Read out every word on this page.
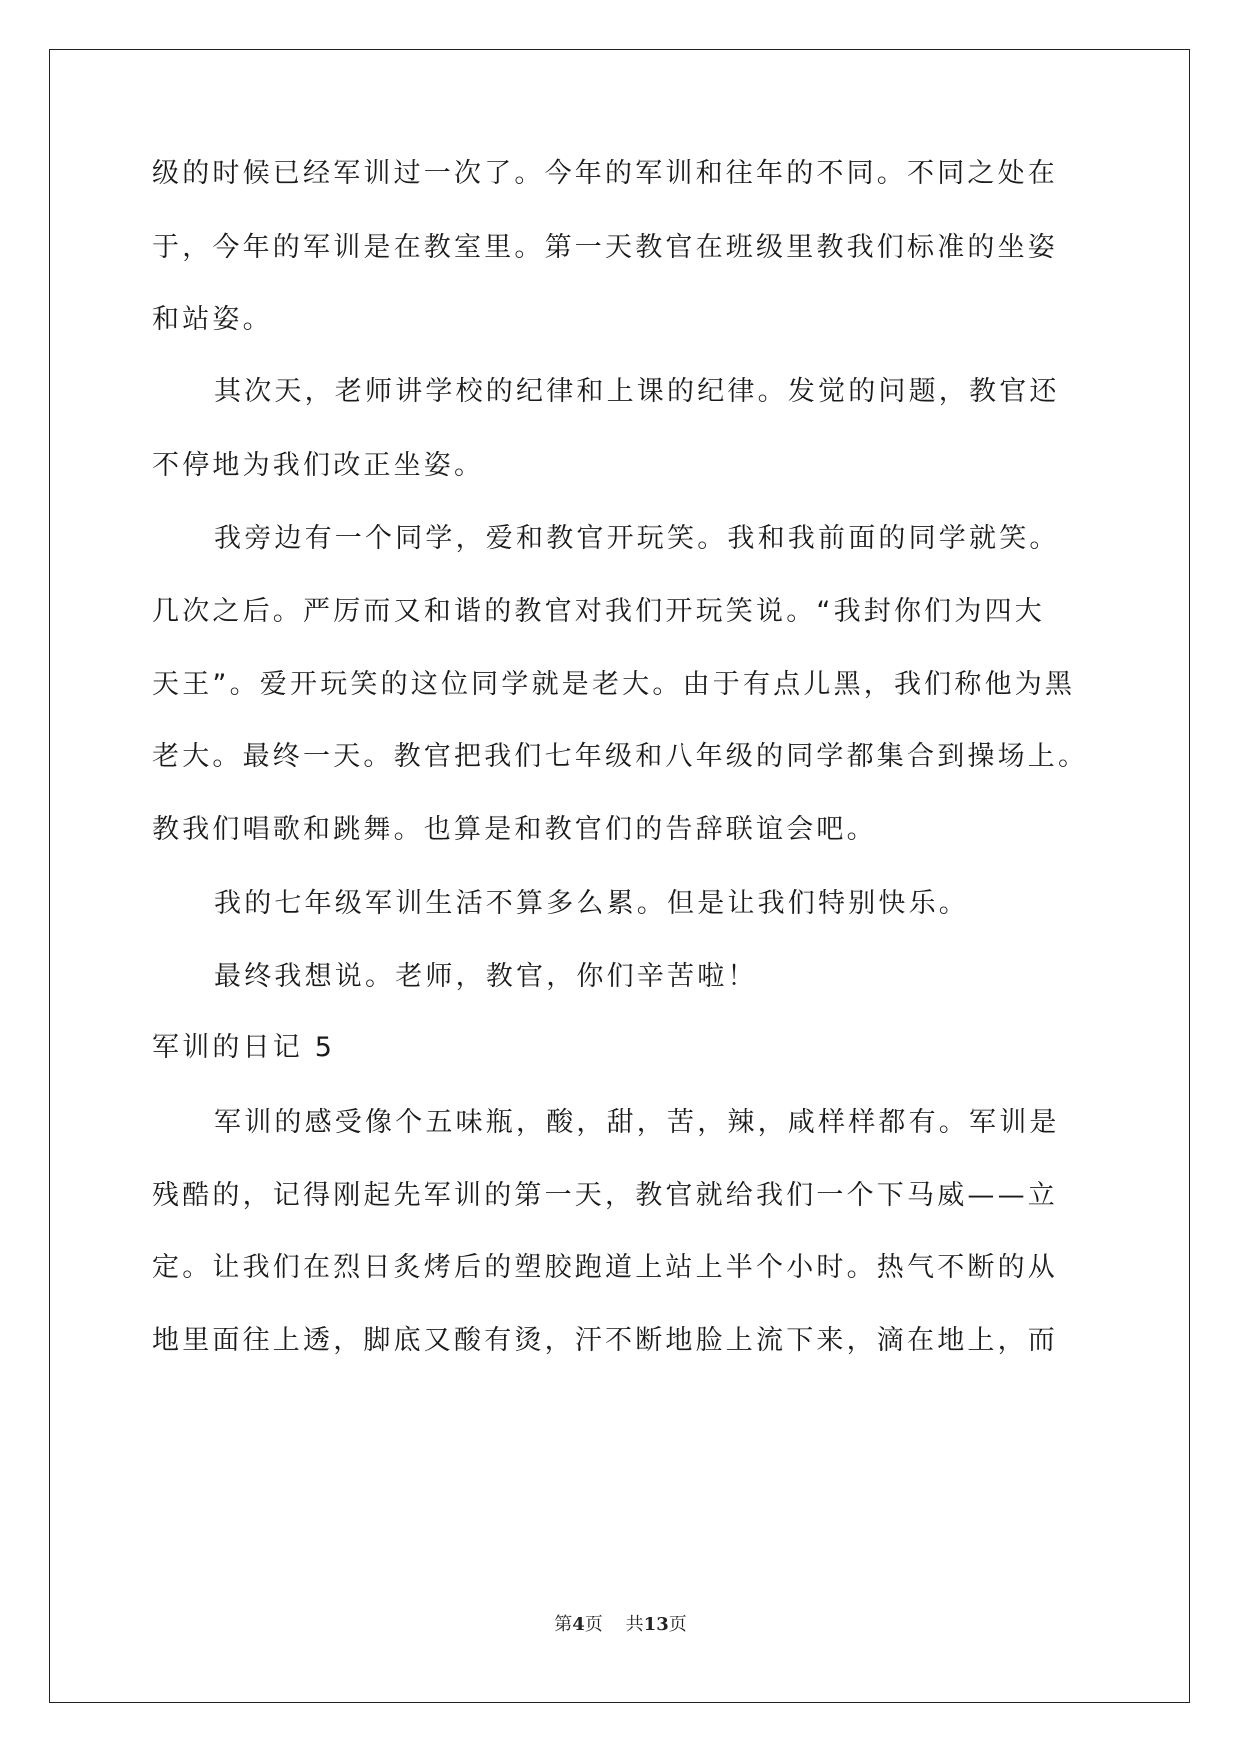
级的时候已经军训过一次了。今年的军训和往年的不同。不同之处在
于，今年的军训是在教室里。第一天教官在班级里教我们标准的坐姿
和站姿。
其次天，老师讲学校的纪律和上课的纪律。发觉的问题，教官还
不停地为我们改正坐姿。
我旁边有一个同学，爱和教官开玩笑。我和我前面的同学就笑。
几次之后。严厉而又和谐的教官对我们开玩笑说。“我封你们为四大
天王”。爱开玩笑的这位同学就是老大。由于有点儿黑，我们称他为黑
老大。最终一天。教官把我们七年级和八年级的同学都集合到操场上。
教我们唱歌和跳舞。也算是和教官们的告辞联谊会吧。
我的七年级军训生活不算多么累。但是让我们特别快乐。
最终我想说。老师，教官，你们辛苦啦！
军训的日记 5
军训的感受像个五味瓶，酸，甜，苦，辣，咸样样都有。军训是
残酷的，记得刚起先军训的第一天，教官就给我们一个下马威——立
定。让我们在烈日炙烤后的塑胶跑道上站上半个小时。热气不断的从
地里面往上透，脚底又酸有烫，汗不断地脸上流下来，滴在地上，而
第4页 共13页
